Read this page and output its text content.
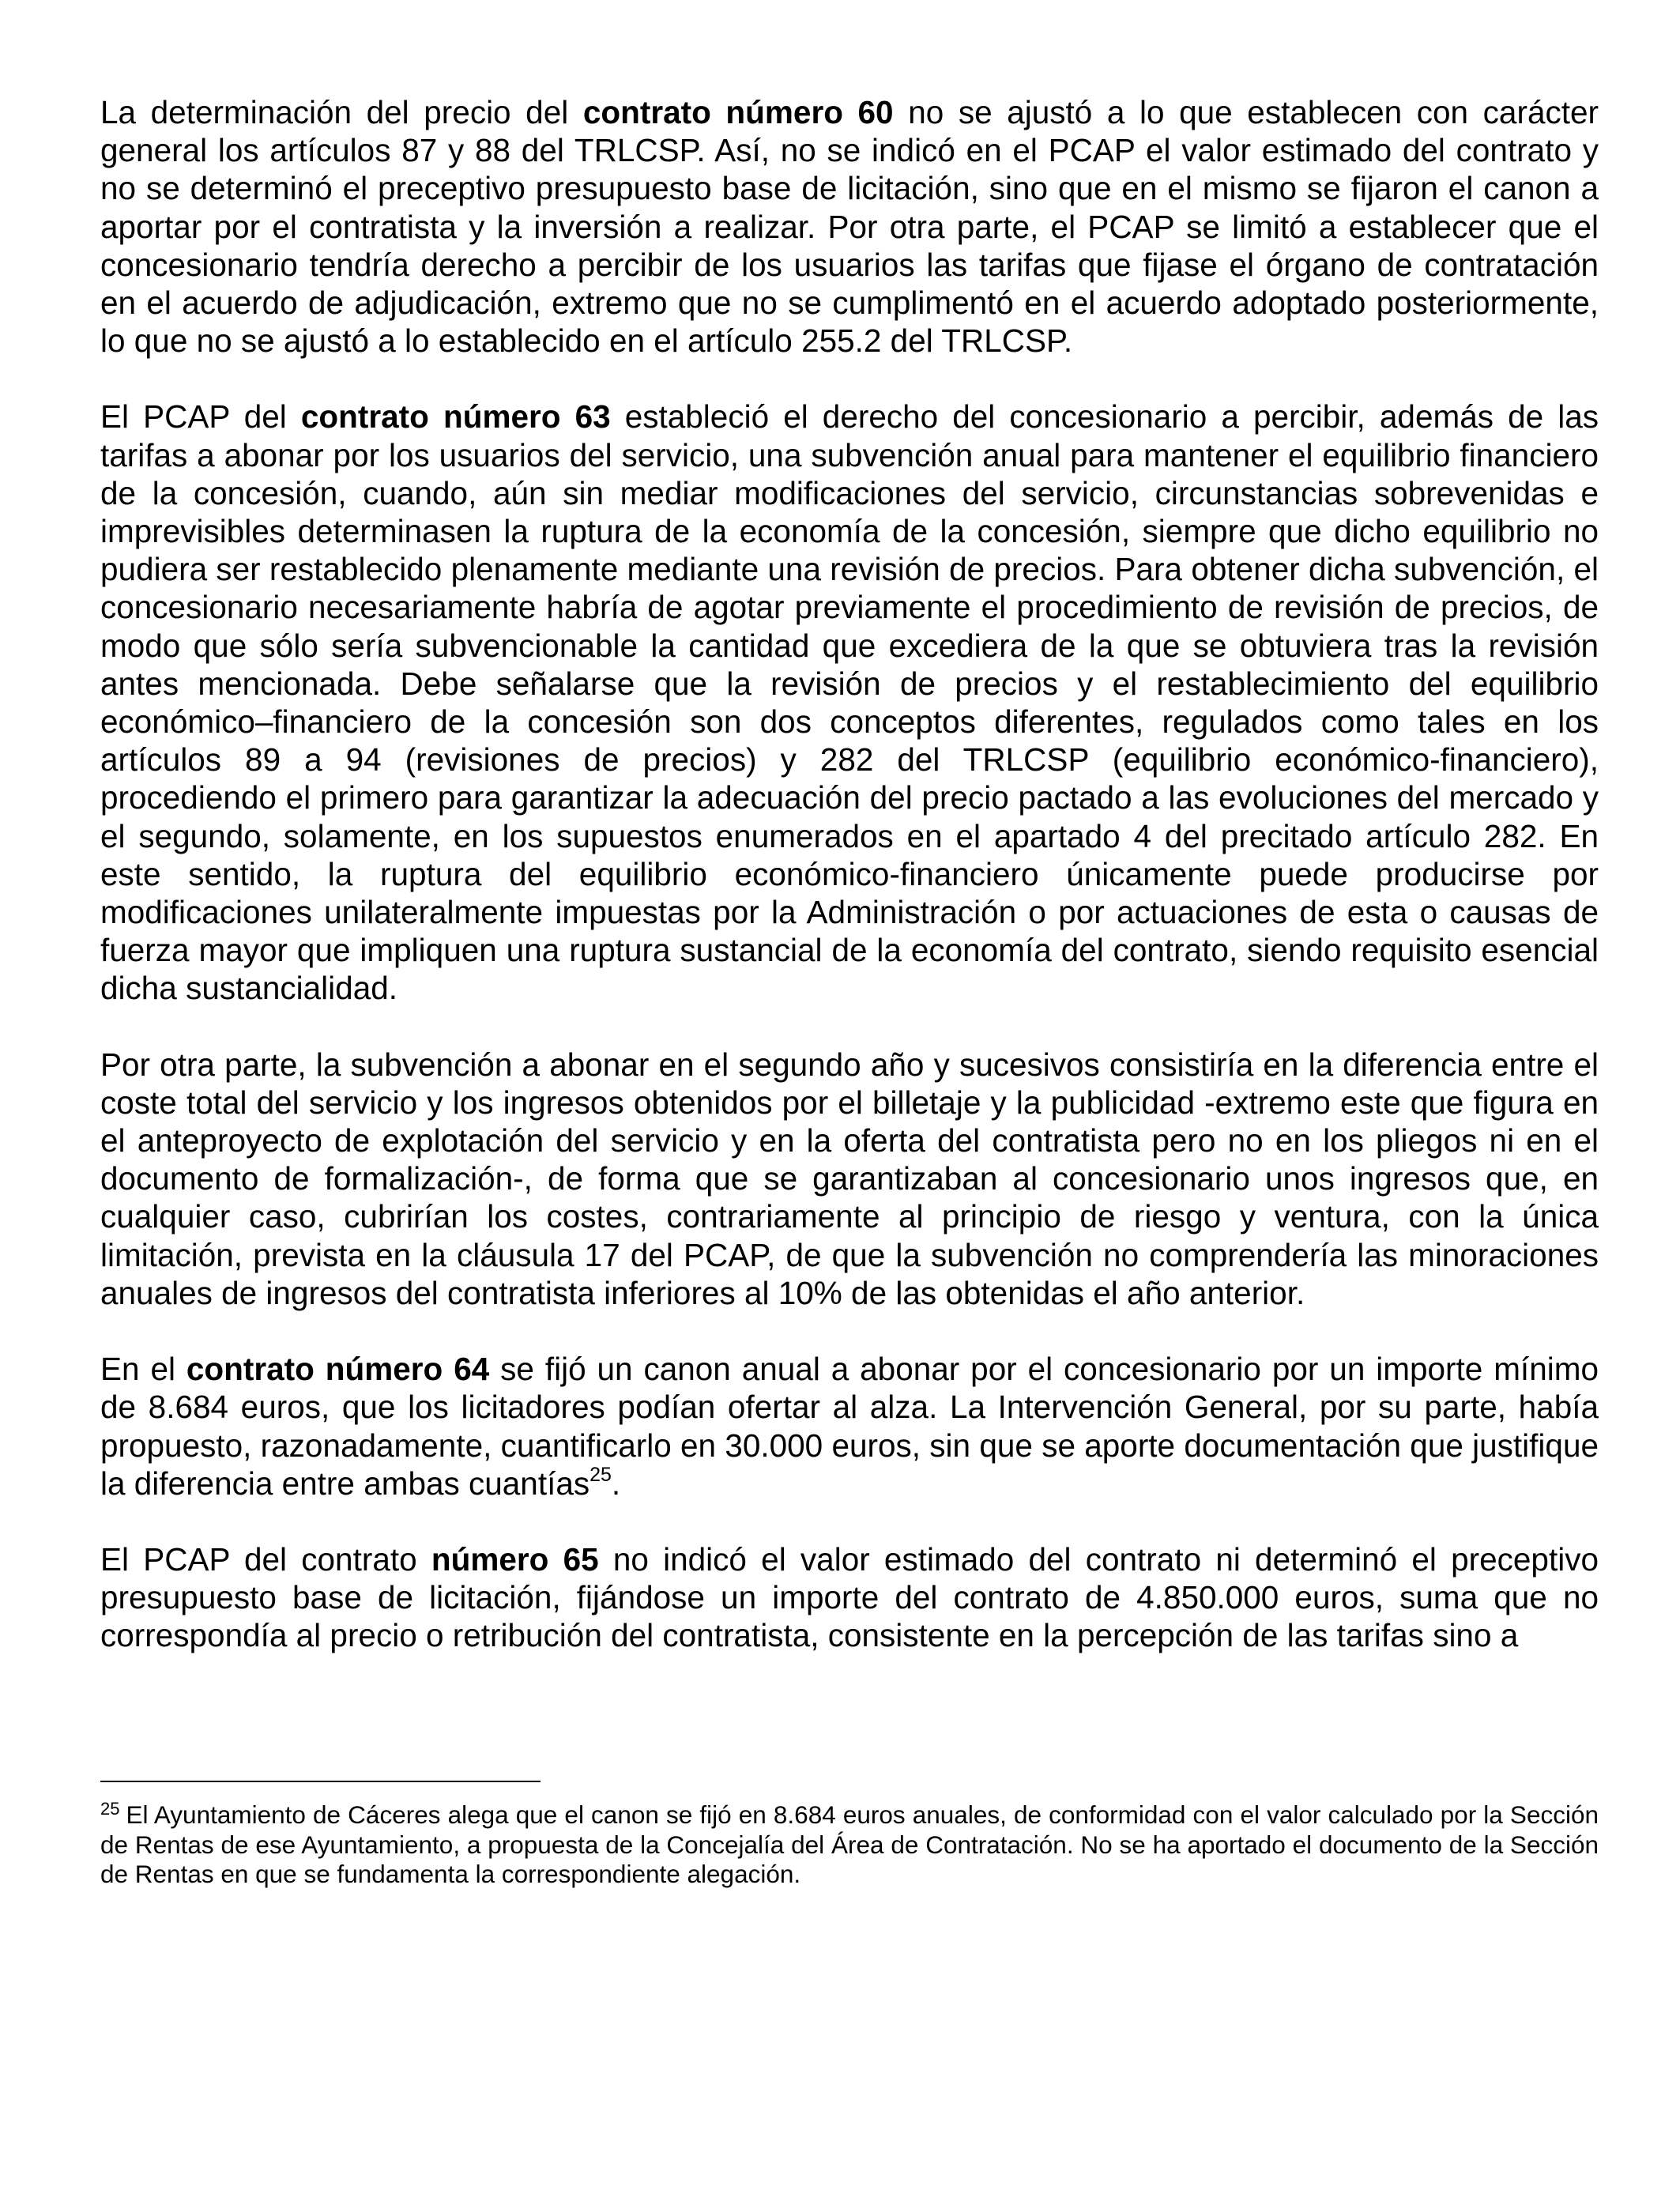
La determinación del precio del contrato número 60 no se ajustó a lo que establecen con carácter general los artículos 87 y 88 del TRLCSP. Así, no se indicó en el PCAP el valor estimado del contrato y no se determinó el preceptivo presupuesto base de licitación, sino que en el mismo se fijaron el canon a aportar por el contratista y la inversión a realizar. Por otra parte, el PCAP se limitó a establecer que el concesionario tendría derecho a percibir de los usuarios las tarifas que fijase el órgano de contratación en el acuerdo de adjudicación, extremo que no se cumplimentó en el acuerdo adoptado posteriormente, lo que no se ajustó a lo establecido en el artículo 255.2 del TRLCSP.

El PCAP del contrato número 63 estableció el derecho del concesionario a percibir, además de las tarifas a abonar por los usuarios del servicio, una subvención anual para mantener el equilibrio financiero de la concesión, cuando, aún sin mediar modificaciones del servicio, circunstancias sobrevenidas e imprevisibles determinasen la ruptura de la economía de la concesión, siempre que dicho equilibrio no pudiera ser restablecido plenamente mediante una revisión de precios. Para obtener dicha subvención, el concesionario necesariamente habría de agotar previamente el procedimiento de revisión de precios, de modo que sólo sería subvencionable la cantidad que excediera de la que se obtuviera tras la revisión antes mencionada. Debe señalarse que la revisión de precios y el restablecimiento del equilibrio económico–financiero de la concesión son dos conceptos diferentes, regulados como tales en los artículos 89 a 94 (revisiones de precios) y 282 del TRLCSP (equilibrio económico-financiero), procediendo el primero para garantizar la adecuación del precio pactado a las evoluciones del mercado y el segundo, solamente, en los supuestos enumerados en el apartado 4 del precitado artículo 282. En este sentido, la ruptura del equilibrio económico-financiero únicamente puede producirse por modificaciones unilateralmente impuestas por la Administración o por actuaciones de esta o causas de fuerza mayor que impliquen una ruptura sustancial de la economía del contrato, siendo requisito esencial dicha sustancialidad.

Por otra parte, la subvención a abonar en el segundo año y sucesivos consistiría en la diferencia entre el coste total del servicio y los ingresos obtenidos por el billetaje y la publicidad -extremo este que figura en el anteproyecto de explotación del servicio y en la oferta del contratista pero no en los pliegos ni en el documento de formalización-, de forma que se garantizaban al concesionario unos ingresos que, en cualquier caso, cubrirían los costes, contrariamente al principio de riesgo y ventura, con la única limitación, prevista en la cláusula 17 del PCAP, de que la subvención no comprendería las minoraciones anuales de ingresos del contratista inferiores al 10% de las obtenidas el año anterior.

En el contrato número 64 se fijó un canon anual a abonar por el concesionario por un importe mínimo de 8.684 euros, que los licitadores podían ofertar al alza. La Intervención General, por su parte, había propuesto, razonadamente, cuantificarlo en 30.000 euros, sin que se aporte documentación que justifique la diferencia entre ambas cuantías$^{25}$.

El PCAP del contrato número 65 no indicó el valor estimado del contrato ni determinó el preceptivo presupuesto base de licitación, fijándose un importe del contrato de 4.850.000 euros, suma que no correspondía al precio o retribución del contratista, consistente en la percepción de las tarifas sino a

$^{25}$ El Ayuntamiento de Cáceres alega que el canon se fijó en 8.684 euros anuales, de conformidad con el valor calculado por la Sección de Rentas de ese Ayuntamiento, a propuesta de la Concejalía del Área de Contratación. No se ha aportado el documento de la Sección de Rentas en que se fundamenta la correspondiente alegación.
